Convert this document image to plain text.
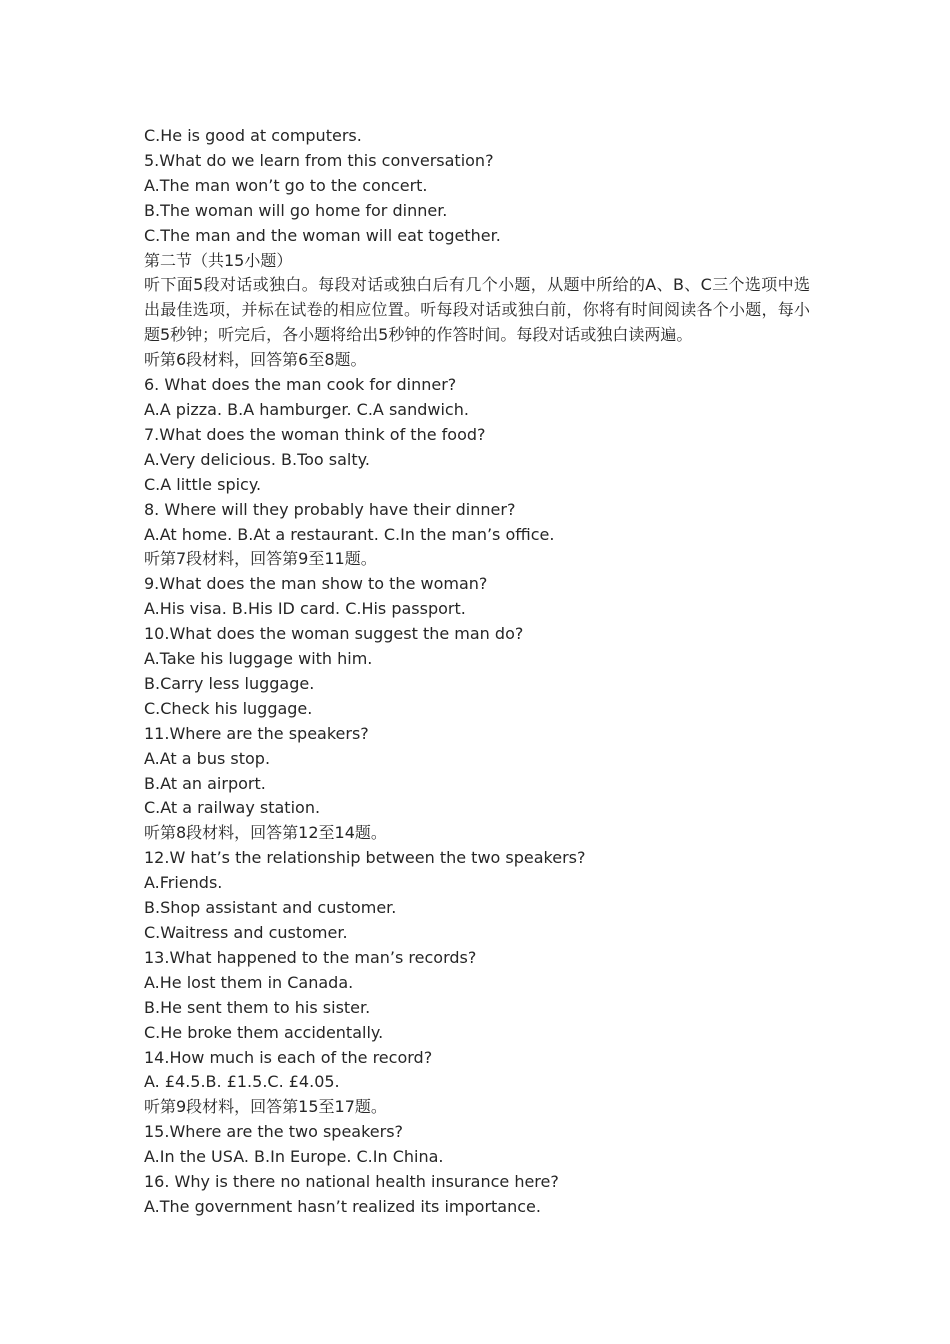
C.He is good at computers.

5.What do we learn from this conversation?

A.The man won’t go to the concert.

B.The woman will go home for dinner.

C.The man and the woman will eat together.

第二节（共15小题）

听下面5段对话或独白。每段对话或独白后有几个小题，从题中所给的A、B、C三个选项中选出最佳选项，并标在试卷的相应位置。听每段对话或独白前，你将有时间阅读各个小题，每小题5秒钟；听完后，各小题将给出5秒钟的作答时间。每段对话或独白读两遍。

听第6段材料，回答第6至8题。

6. What does the man cook for dinner?

A.A pizza. B.A hamburger. C.A sandwich.

7.What does the woman think of the food?

A.Very delicious. B.Too salty.

C.A little spicy.

8. Where will they probably have their dinner?

A.At home. B.At a restaurant. C.In the man’s office.

听第7段材料，回答第9至11题。

9.What does the man show to the woman?

A.His visa. B.His ID card. C.His passport.

10.What does the woman suggest the man do?

A.Take his luggage with him.

B.Carry less luggage.

C.Check his luggage.

11.Where are the speakers?

A.At a bus stop.

B.At an airport.

C.At a railway station.

听第8段材料，回答第12至14题。

12.W hat’s the relationship between the two speakers?

A.Friends.

B.Shop assistant and customer.

C.Waitress and customer.

13.What happened to the man’s records?

A.He lost them in Canada.

B.He sent them to his sister.

C.He broke them accidentally.

14.How much is each of the record?

A. £4.5.B. £1.5.C. £4.05.

听第9段材料，回答第15至17题。

15.Where are the two speakers?

A.In the USA. B.In Europe. C.In China.

16. Why is there no national health insurance here?

A.The government hasn’t realized its importance.
